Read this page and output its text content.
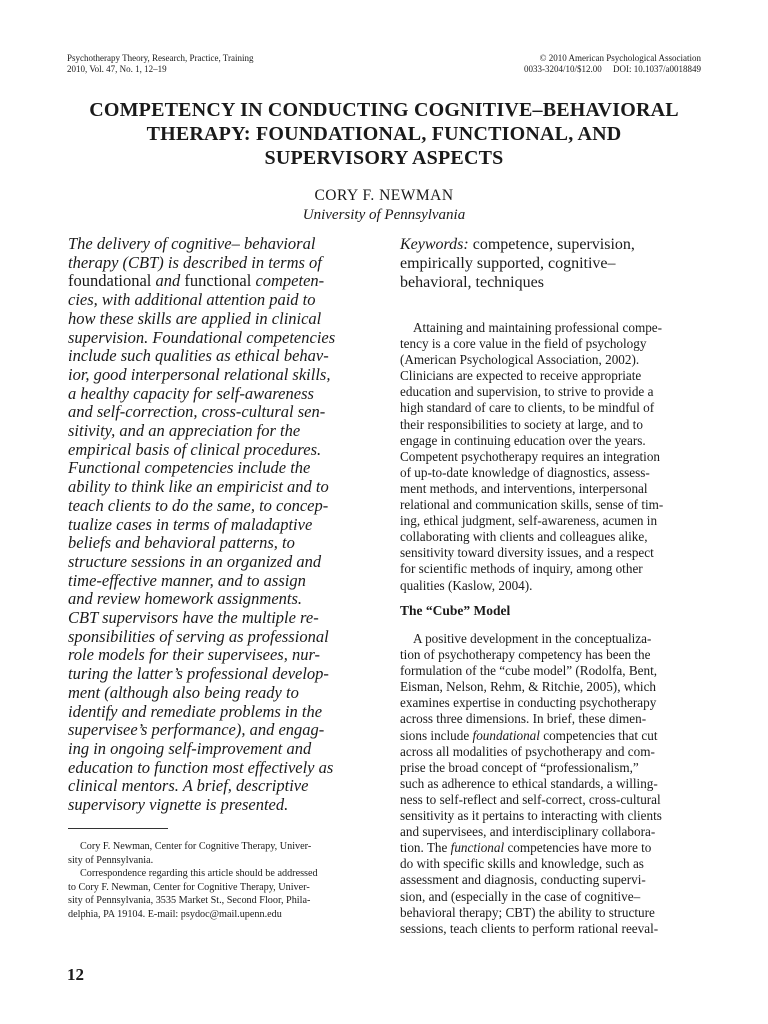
Psychotherapy Theory, Research, Practice, Training
2010, Vol. 47, No. 1, 12–19
© 2010 American Psychological Association
0033-3204/10/$12.00     DOI: 10.1037/a0018849
COMPETENCY IN CONDUCTING COGNITIVE–BEHAVIORAL
THERAPY: FOUNDATIONAL, FUNCTIONAL, AND
SUPERVISORY ASPECTS
CORY F. NEWMAN
University of Pennsylvania
The delivery of cognitive– behavioral
therapy (CBT) is described in terms of
foundational and functional competen-
cies, with additional attention paid to
how these skills are applied in clinical
supervision. Foundational competencies
include such qualities as ethical behav-
ior, good interpersonal relational skills,
a healthy capacity for self-awareness
and self-correction, cross-cultural sen-
sitivity, and an appreciation for the
empirical basis of clinical procedures.
Functional competencies include the
ability to think like an empiricist and to
teach clients to do the same, to concep-
tualize cases in terms of maladaptive
beliefs and behavioral patterns, to
structure sessions in an organized and
time-effective manner, and to assign
and review homework assignments.
CBT supervisors have the multiple re-
sponsibilities of serving as professional
role models for their supervisees, nur-
turing the latter’s professional develop-
ment (although also being ready to
identify and remediate problems in the
supervisee’s performance), and engag-
ing in ongoing self-improvement and
education to function most effectively as
clinical mentors. A brief, descriptive
supervisory vignette is presented.
Keywords: competence, supervision,
empirically supported, cognitive–
behavioral, techniques
Attaining and maintaining professional compe-
tency is a core value in the field of psychology
(American Psychological Association, 2002).
Clinicians are expected to receive appropriate
education and supervision, to strive to provide a
high standard of care to clients, to be mindful of
their responsibilities to society at large, and to
engage in continuing education over the years.
Competent psychotherapy requires an integration
of up-to-date knowledge of diagnostics, assess-
ment methods, and interventions, interpersonal
relational and communication skills, sense of tim-
ing, ethical judgment, self-awareness, acumen in
collaborating with clients and colleagues alike,
sensitivity toward diversity issues, and a respect
for scientific methods of inquiry, among other
qualities (Kaslow, 2004).
The “Cube” Model
A positive development in the conceptualiza-
tion of psychotherapy competency has been the
formulation of the “cube model” (Rodolfa, Bent,
Eisman, Nelson, Rehm, & Ritchie, 2005), which
examines expertise in conducting psychotherapy
across three dimensions. In brief, these dimen-
sions include foundational competencies that cut
across all modalities of psychotherapy and com-
prise the broad concept of “professionalism,”
such as adherence to ethical standards, a willing-
ness to self-reflect and self-correct, cross-cultural
sensitivity as it pertains to interacting with clients
and supervisees, and interdisciplinary collabora-
tion. The functional competencies have more to
do with specific skills and knowledge, such as
assessment and diagnosis, conducting supervi-
sion, and (especially in the case of cognitive–
behavioral therapy; CBT) the ability to structure
sessions, teach clients to perform rational reeval-
Cory F. Newman, Center for Cognitive Therapy, Univer-
sity of Pennsylvania.
Correspondence regarding this article should be addressed
to Cory F. Newman, Center for Cognitive Therapy, Univer-
sity of Pennsylvania, 3535 Market St., Second Floor, Phila-
delphia, PA 19104. E-mail: psydoc@mail.upenn.edu
12
